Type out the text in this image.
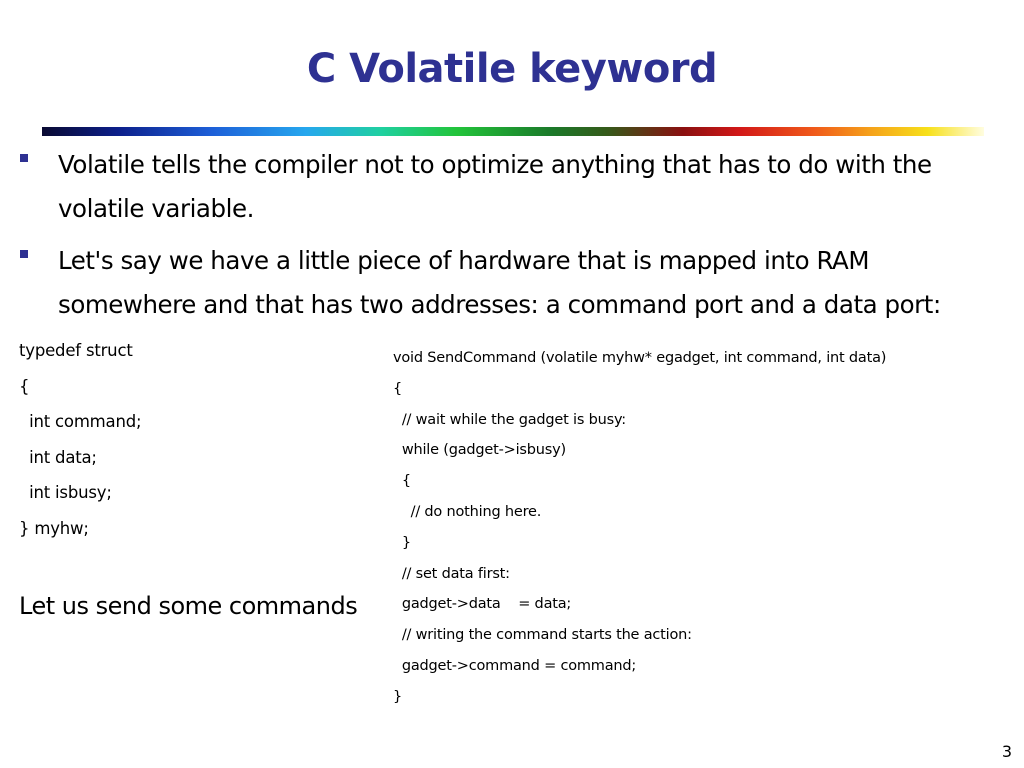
C Volatile keyword
Volatile tells the compiler not to optimize anything that has to do with the volatile variable.
Let's say we have a little piece of hardware that is mapped into RAM somewhere and that has two addresses: a command port and a data port:
typedef struct
{
int command;
int data;
int isbusy;
} myhw;
Let us send some commands
void SendCommand (volatile myhw* egadget, int command, int data)
{
// wait while the gadget is busy:
while (gadget->isbusy)
{
// do nothing here.
}
// set data first:
gadget->data    = data;
// writing the command starts the action:
gadget->command = command;
}
3
